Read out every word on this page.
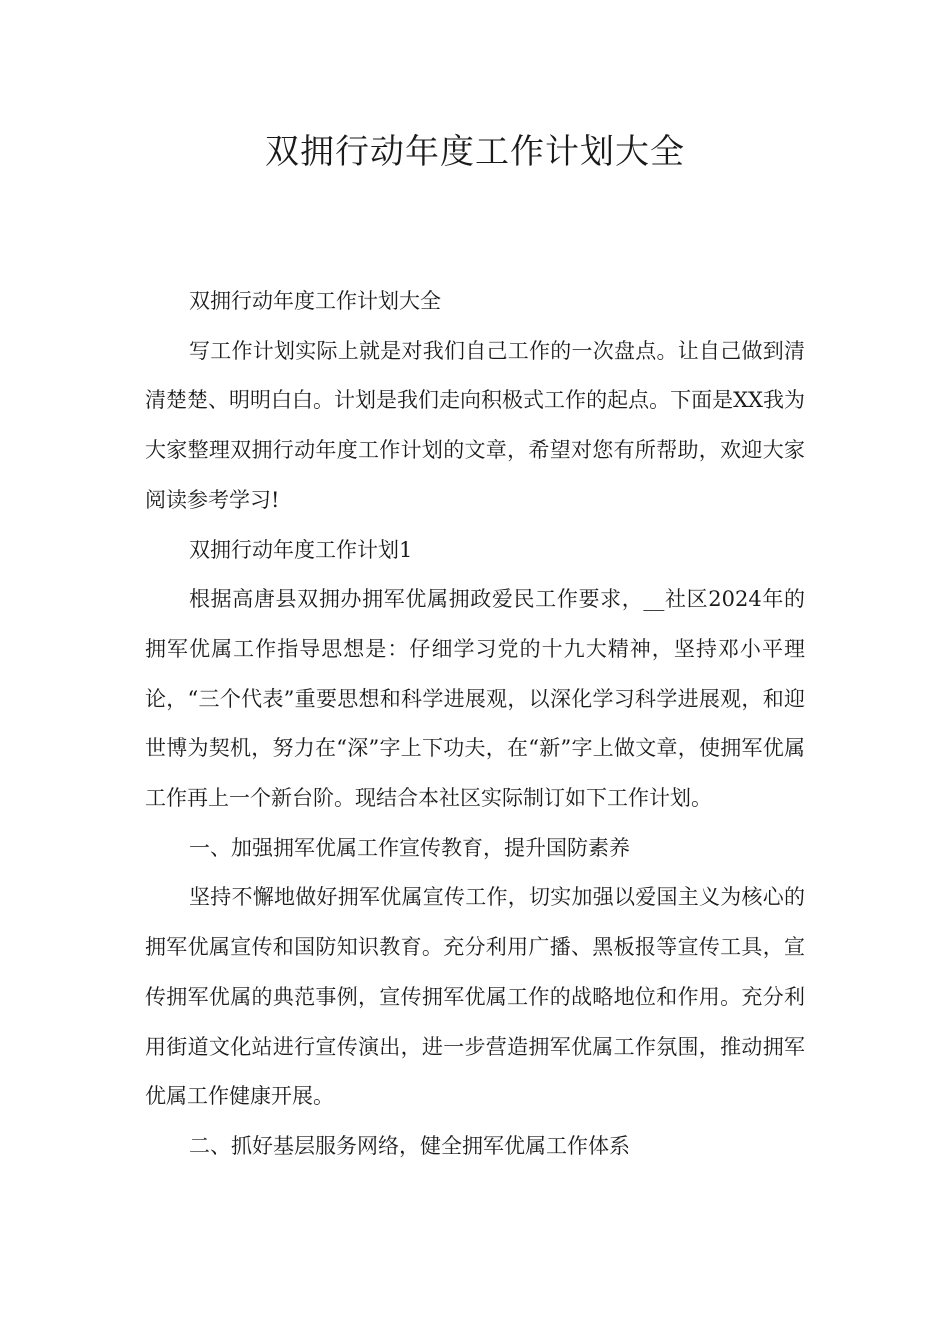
双拥行动年度工作计划大全

双拥行动年度工作计划大全

写工作计划实际上就是对我们自己工作的一次盘点。让自己做到清清楚楚、明明白白。计划是我们走向积极式工作的起点。下面是XX我为大家整理双拥行动年度工作计划的文章，希望对您有所帮助，欢迎大家阅读参考学习!

双拥行动年度工作计划1

根据高唐县双拥办拥军优属拥政爱民工作要求，__社区2024年的拥军优属工作指导思想是：仔细学习党的十九大精神，坚持邓小平理论，“三个代表”重要思想和科学进展观，以深化学习科学进展观，和迎世博为契机，努力在“深”字上下功夫，在“新”字上做文章，使拥军优属工作再上一个新台阶。现结合本社区实际制订如下工作计划。

一、加强拥军优属工作宣传教育，提升国防素养

坚持不懈地做好拥军优属宣传工作，切实加强以爱国主义为核心的拥军优属宣传和国防知识教育。充分利用广播、黑板报等宣传工具，宣传拥军优属的典范事例，宣传拥军优属工作的战略地位和作用。充分利用街道文化站进行宣传演出，进一步营造拥军优属工作氛围，推动拥军优属工作健康开展。

二、抓好基层服务网络，健全拥军优属工作体系
